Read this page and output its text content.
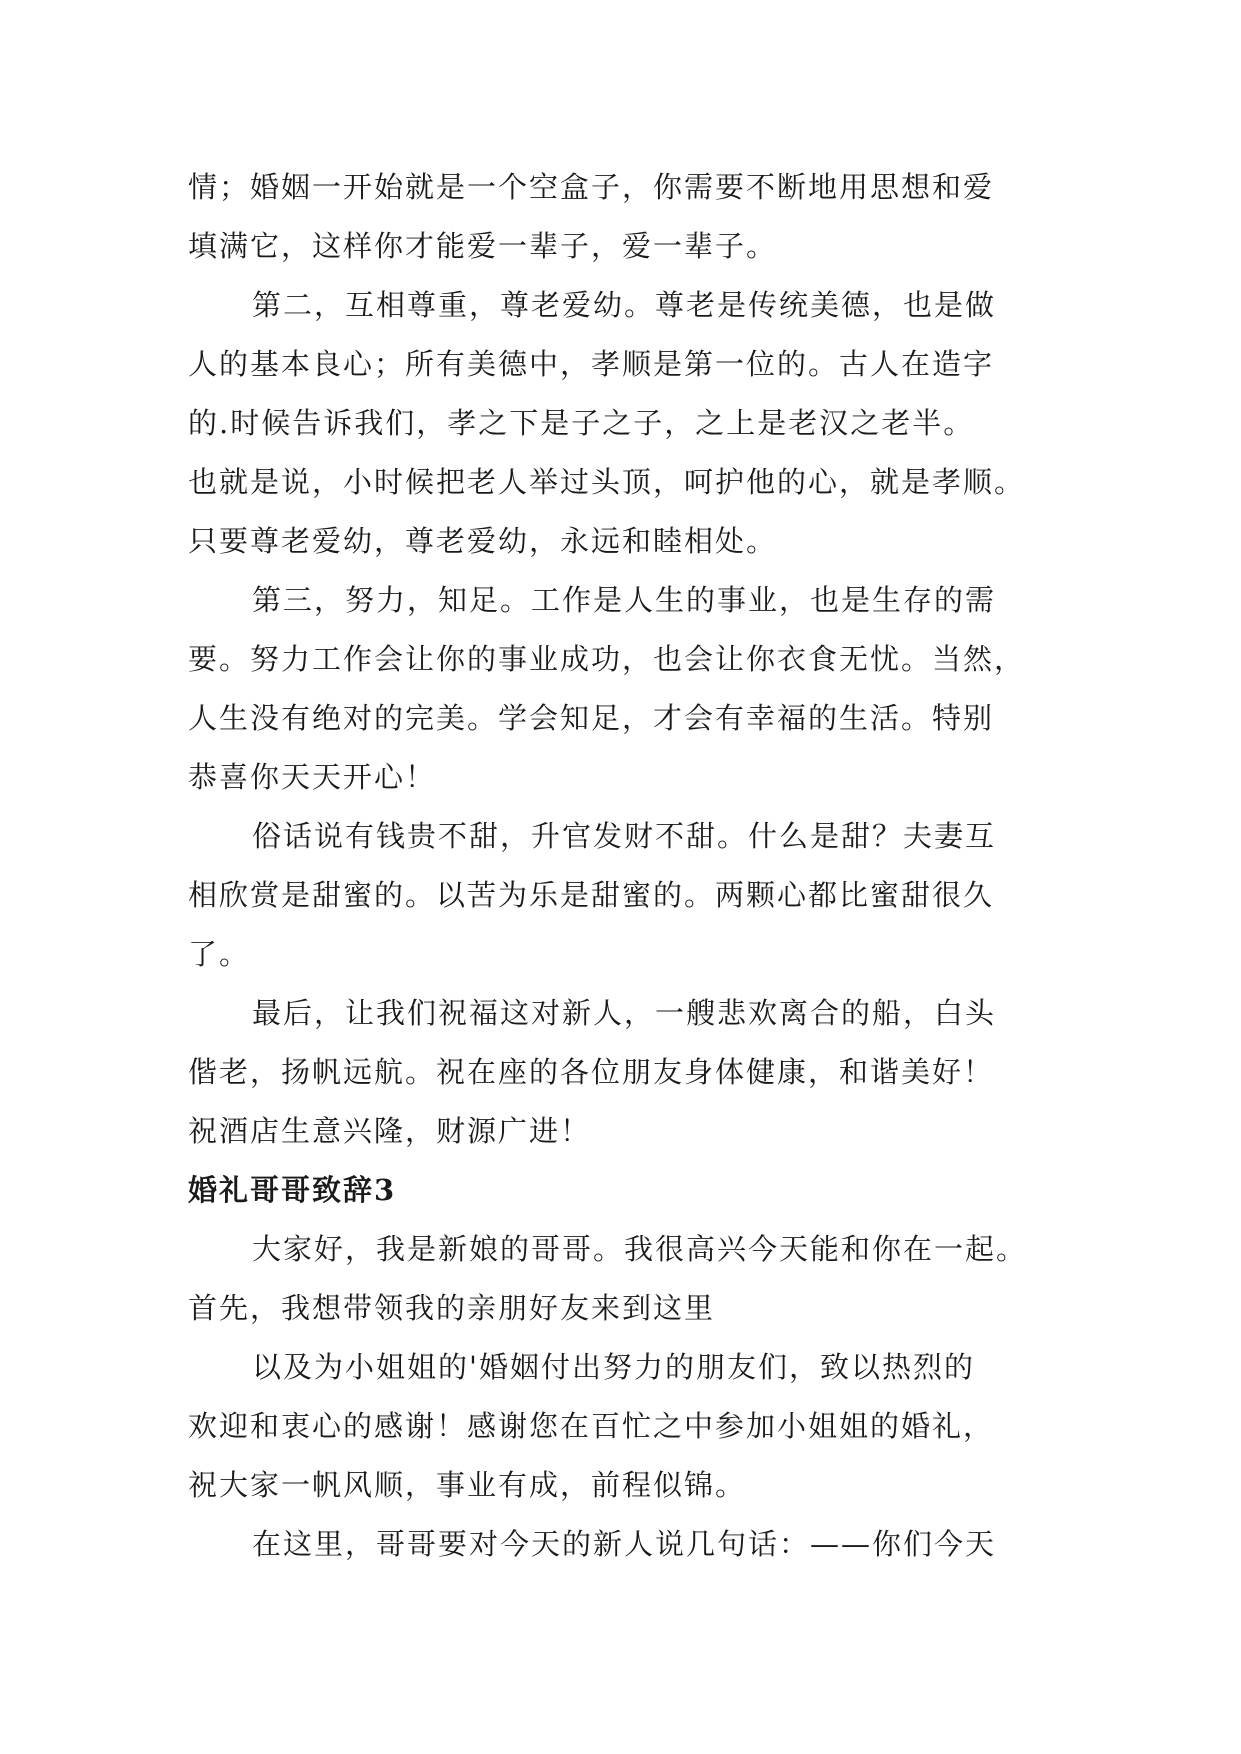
情；婚姻一开始就是一个空盒子，你需要不断地用思想和爱
填满它，这样你才能爱一辈子，爱一辈子。

第二，互相尊重，尊老爱幼。尊老是传统美德，也是做
人的基本良心；所有美德中，孝顺是第一位的。古人在造字
的.时候告诉我们，孝之下是子之子，之上是老汉之老半。
也就是说，小时候把老人举过头顶，呵护他的心，就是孝顺。
只要尊老爱幼，尊老爱幼，永远和睦相处。

第三，努力，知足。工作是人生的事业，也是生存的需
要。努力工作会让你的事业成功，也会让你衣食无忧。当然，
人生没有绝对的完美。学会知足，才会有幸福的生活。特别
恭喜你天天开心！

俗话说有钱贵不甜，升官发财不甜。什么是甜？夫妻互
相欣赏是甜蜜的。以苦为乐是甜蜜的。两颗心都比蜜甜很久
了。

最后，让我们祝福这对新人，一艘悲欢离合的船，白头
偕老，扬帆远航。祝在座的各位朋友身体健康，和谐美好！
祝酒店生意兴隆，财源广进！

婚礼哥哥致辞3

大家好，我是新娘的哥哥。我很高兴今天能和你在一起。
首先，我想带领我的亲朋好友来到这里

以及为小姐姐的'婚姻付出努力的朋友们，致以热烈的
欢迎和衷心的感谢！感谢您在百忙之中参加小姐姐的婚礼，
祝大家一帆风顺，事业有成，前程似锦。

在这里，哥哥要对今天的新人说几句话：——你们今天
